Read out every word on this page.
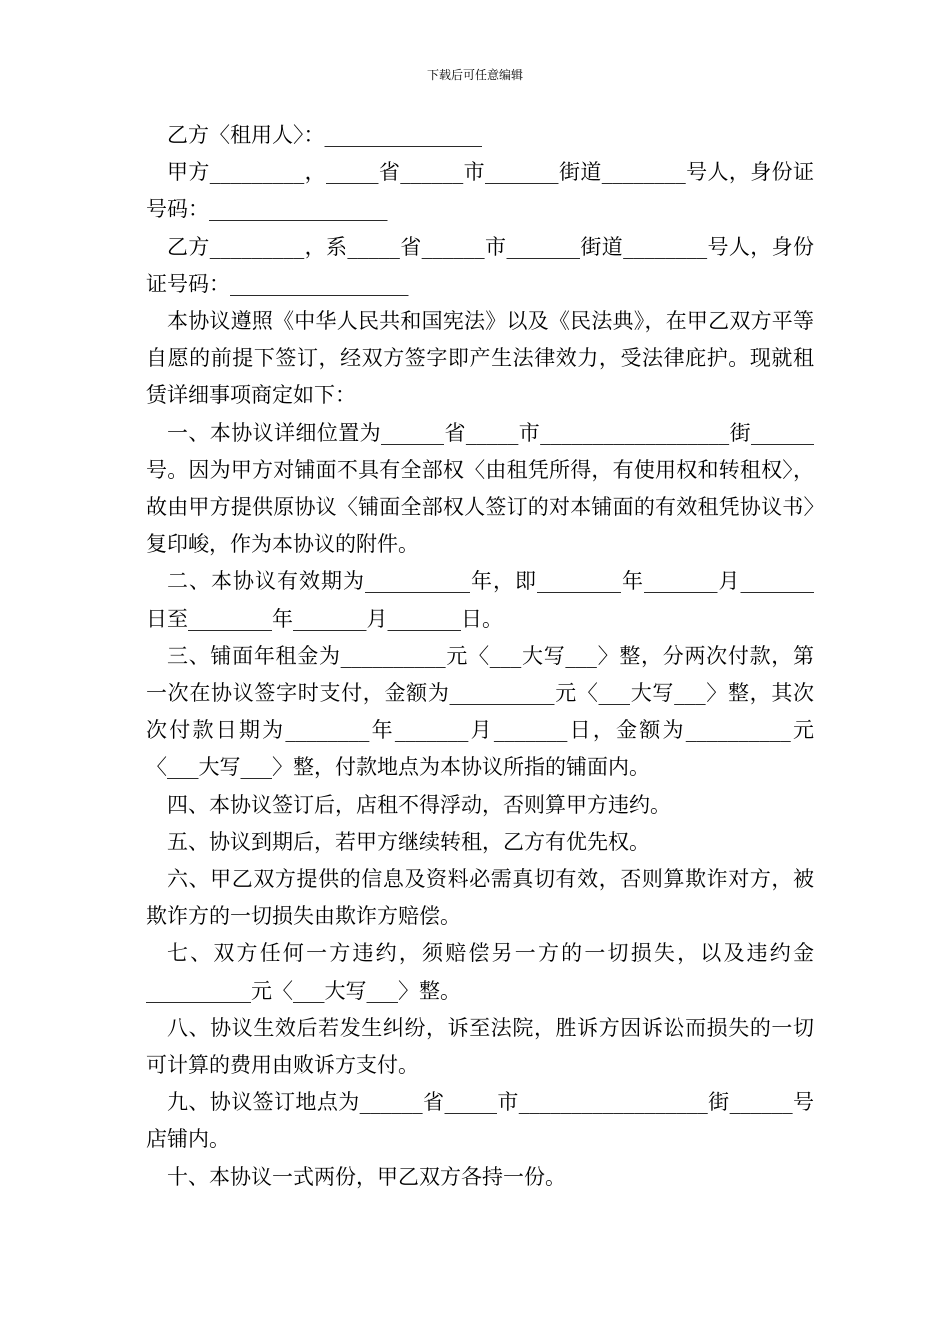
下载后可任意编辑

乙方〈租用人〉：_______________

甲方_________，_____省______市_______街道________号人，身份证号码：_________________

乙方_________，系_____省______市_______街道________号人，身份证号码：_________________

本协议遵照《中华人民共和国宪法》以及《民法典》，在甲乙双方平等自愿的前提下签订，经双方签字即产生法律效力，受法律庇护。现就租赁详细事项商定如下：

一、本协议详细位置为______省_____市__________________街______号。因为甲方对铺面不具有全部权〈由租凭所得，有使用权和转租权〉，故由甲方提供原协议〈铺面全部权人签订的对本铺面的有效租凭协议书〉复印峻，作为本协议的附件。

二、本协议有效期为__________年，即________年_______月_______日至________年_______月_______日。

三、铺面年租金为__________元〈___大写___〉整，分两次付款，第一次在协议签字时支付，金额为__________元〈___大写___〉整，其次次付款日期为________年_______月_______日，金额为__________元〈___大写___〉整，付款地点为本协议所指的铺面内。

四、本协议签订后，店租不得浮动，否则算甲方违约。

五、协议到期后，若甲方继续转租，乙方有优先权。

六、甲乙双方提供的信息及资料必需真切有效，否则算欺诈对方，被欺诈方的一切损失由欺诈方赔偿。

七、双方任何一方违约，须赔偿另一方的一切损失，以及违约金__________元〈___大写___〉整。

八、协议生效后若发生纠纷，诉至法院，胜诉方因诉讼而损失的一切可计算的费用由败诉方支付。

九、协议签订地点为______省_____市__________________街______号店铺内。

十、本协议一式两份，甲乙双方各持一份。
